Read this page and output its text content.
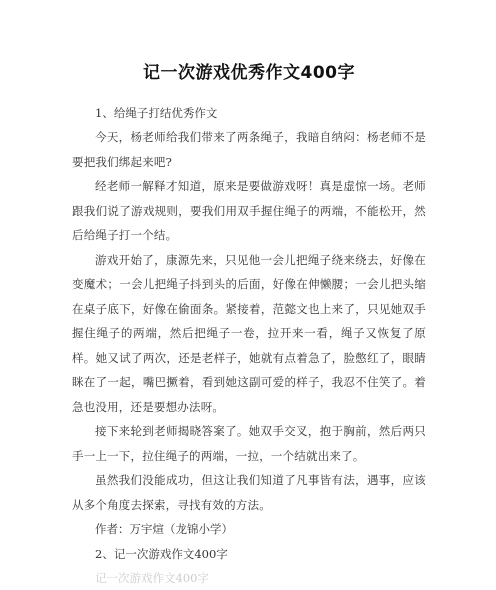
记一次游戏优秀作文400字

1、给绳子打结优秀作文

今天，杨老师给我们带来了两条绳子，我暗自纳闷：杨老师不是要把我们绑起来吧?

经老师一解释才知道，原来是要做游戏呀！真是虚惊一场。老师跟我们说了游戏规则，要我们用双手握住绳子的两端，不能松开，然后给绳子打一个结。

游戏开始了，康源先来，只见他一会儿把绳子绕来绕去，好像在变魔术；一会儿把绳子抖到头的后面，好像在伸懒腰；一会儿把头缩在桌子底下，好像在偷面条。紧接着，范懿文也上来了，只见她双手握住绳子的两端，然后把绳子一卷，拉开来一看，绳子又恢复了原样。她又试了两次，还是老样子，她就有点着急了，脸憋红了，眼睛眯在了一起，嘴巴撅着，看到她这副可爱的样子，我忍不住笑了。着急也没用，还是要想办法呀。

接下来轮到老师揭晓答案了。她双手交叉，抱于胸前，然后两只手一上一下，拉住绳子的两端，一拉，一个结就出来了。

虽然我们没能成功，但这让我们知道了凡事皆有法，遇事，应该从多个角度去探索，寻找有效的方法。

作者：万宇煊（龙锦小学）

2、记一次游戏作文400字

记一次游戏作文400字
